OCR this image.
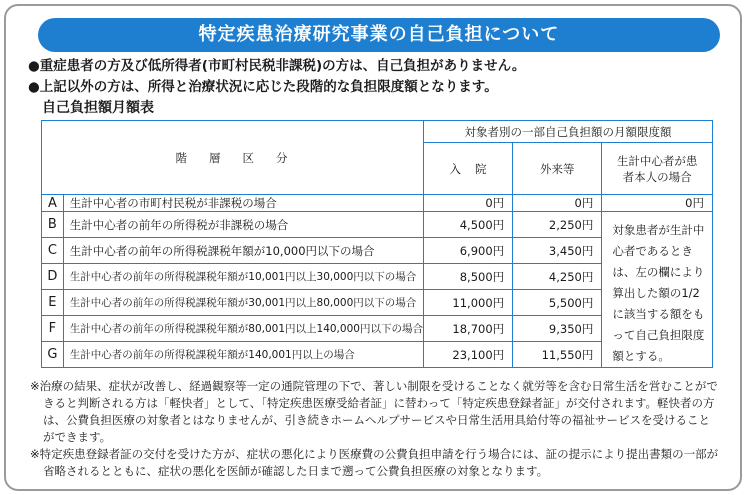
特定疾患治療研究事業の自己負担について
●重症患者の方及び低所得者(市町村民税非課税)の方は、自己負担がありません。
●上記以外の方は、所得と治療状況に応じた段階的な負担限度額となります。
自己負担額月額表
階層区分		対象者別の一部自己負担額の月額限度額		
		入院	外来等	生計中心者が患者本人の場合
A	生計中心者の市町村民税が非課税の場合	0円	0円	0円
B	生計中心者の前年の所得税が非課税の場合	4,500円	2,250円	対象患者が生計中心者であるときは、左の欄により算出した額の1/2に該当する額をもって自己負担限度額とする。
C	生計中心者の前年の所得税課税年額が10,000円以下の場合	6,900円	3,450円	
D	生計中心者の前年の所得税課税年額が10,001円以上30,000円以下の場合	8,500円	4,250円	
E	生計中心者の前年の所得税課税年額が30,001円以上80,000円以下の場合	11,000円	5,500円	
F	生計中心者の前年の所得税課税年額が80,001円以上140,000円以下の場合	18,700円	9,350円	
G	生計中心者の前年の所得税課税年額が140,001円以上の場合	23,100円	11,550円	

※治療の結果、症状が改善し、経過観察等一定の通院管理の下で、著しい制限を受けることなく就労等を含む日常生活を営むことができると判断される方は「軽快者」として、「特定疾患医療受給者証」に替わって「特定疾患登録者証」が交付されます。軽快者の方は、公費負担医療の対象者とはなりませんが、引き続きホームヘルプサービスや日常生活用具給付等の福祉サービスを受けることができます。

※特定疾患登録者証の交付を受けた方が、症状の悪化により医療費の公費負担申請を行う場合には、証の提示により提出書類の一部が省略されるとともに、症状の悪化を医師が確認した日まで遡って公費負担医療の対象となります。
